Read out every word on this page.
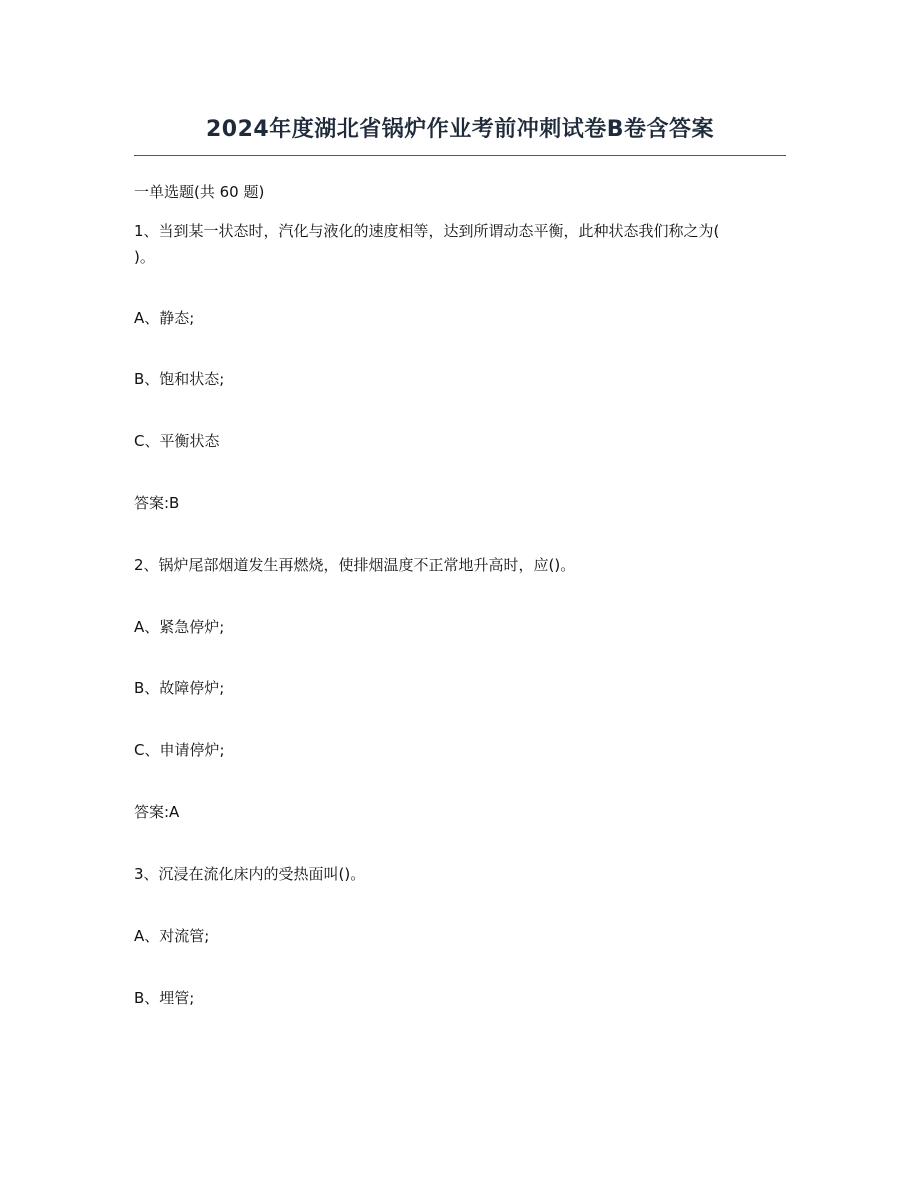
2024年度湖北省锅炉作业考前冲刺试卷B卷含答案
一单选题(共 60 题)
1、当到某一状态时，汽化与液化的速度相等，达到所谓动态平衡，此种状态我们称之为(
)。
A、静态;
B、饱和状态;
C、平衡状态
答案:B
2、锅炉尾部烟道发生再燃烧，使排烟温度不正常地升高时，应()。
A、紧急停炉;
B、故障停炉;
C、申请停炉;
答案:A
3、沉浸在流化床内的受热面叫()。
A、对流管;
B、埋管;
